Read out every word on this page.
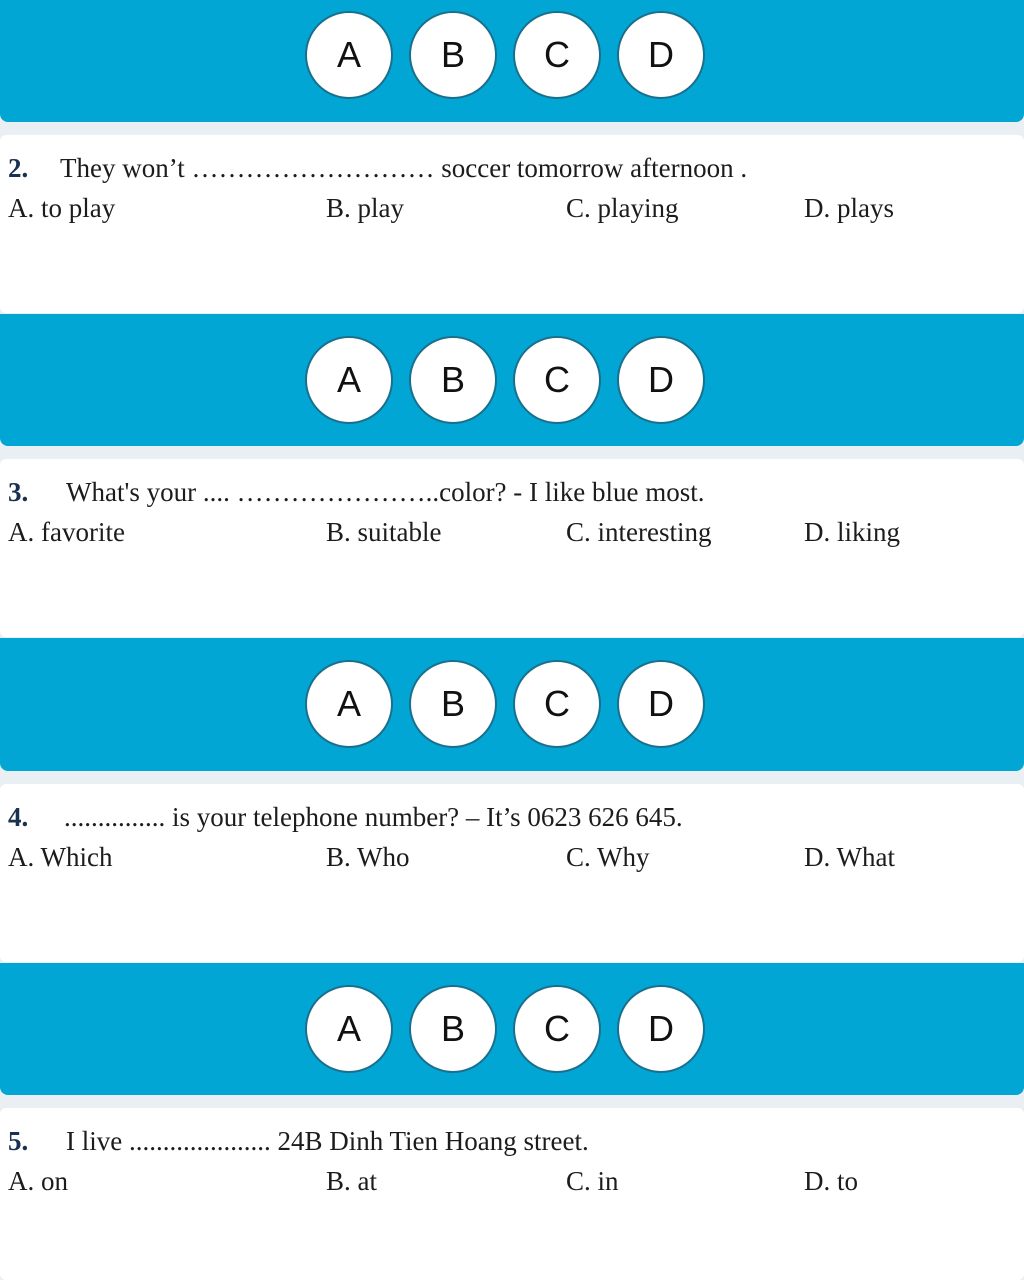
A	B	C	D
2. They won’t ……………………… soccer tomorrow afternoon .
A. to play	B. play	C. playing	D. plays
A	B	C	D
3. What's your .... …………………..color? - I like blue most.
A. favorite	B. suitable	C. interesting	D. liking
A	B	C	D
4. ............... is your telephone number? – It’s 0623 626 645.
A. Which	B. Who	C. Why	D. What
A	B	C	D
5. I live ..................... 24B Dinh Tien Hoang street.
A. on	B. at	C. in	D. to
